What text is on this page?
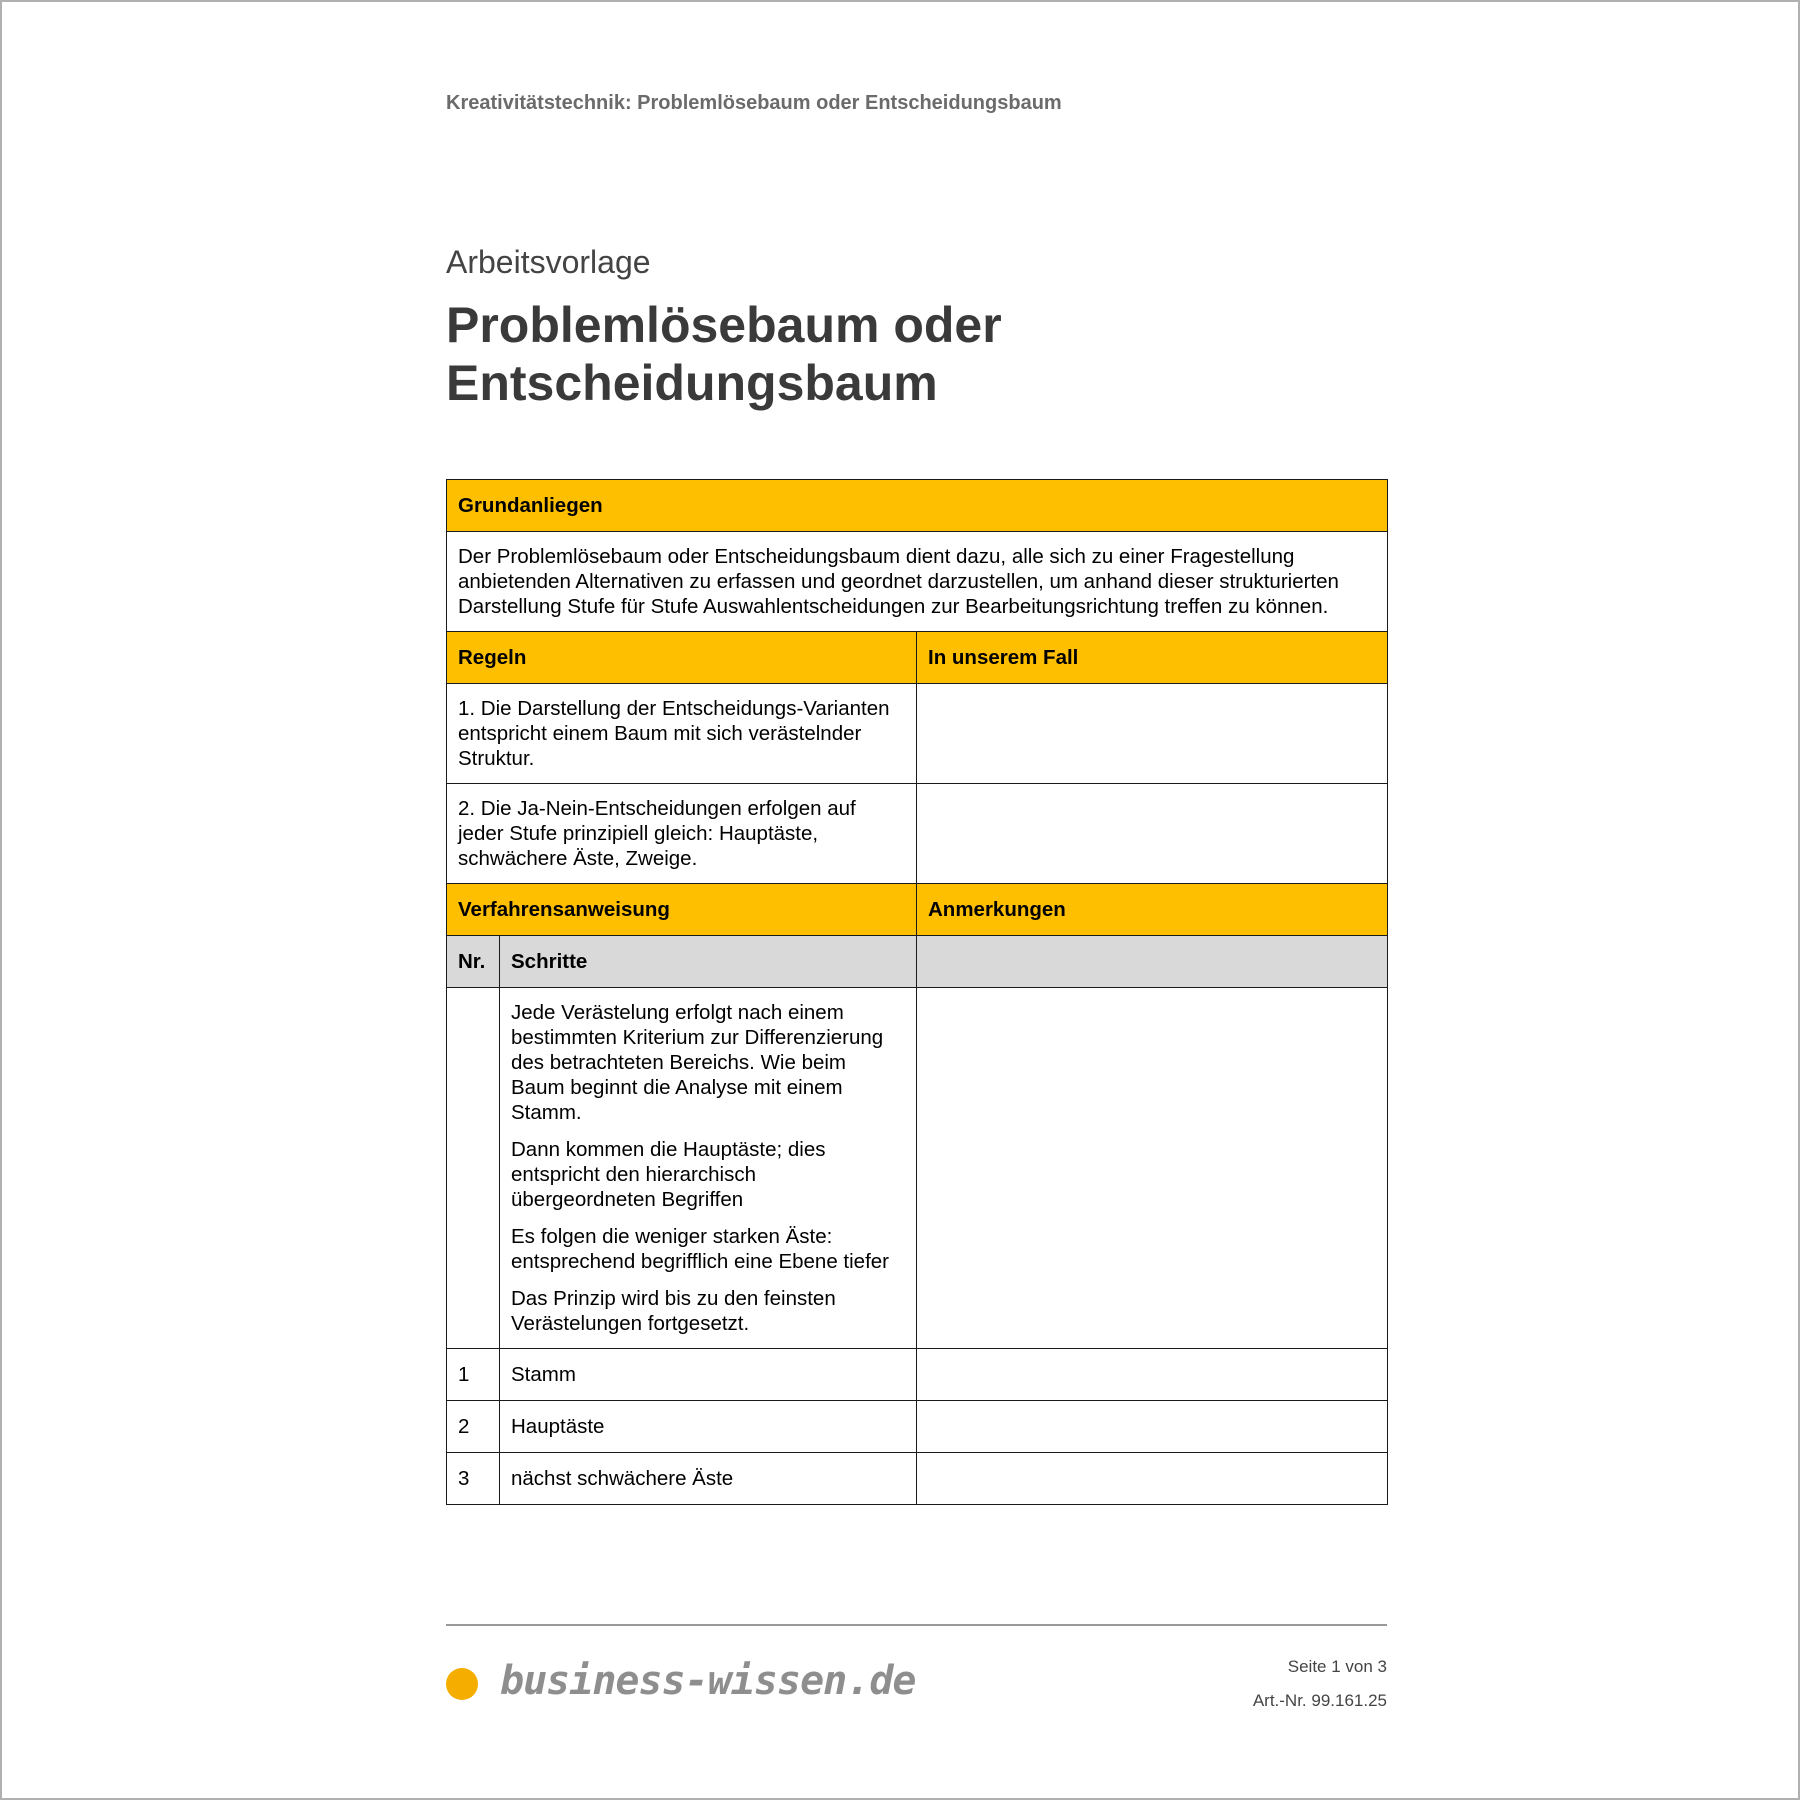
Kreativitätstechnik: Problemlösebaum oder Entscheidungsbaum
Arbeitsvorlage
Problemlösebaum oder
Entscheidungsbaum
Grundanliegen		
Der Problemlösebaum oder Entscheidungsbaum dient dazu, alle sich zu einer Fragestellung anbietenden Alternativen zu erfassen und geordnet darzustellen, um anhand dieser strukturierten Darstellung Stufe für Stufe Auswahlentscheidungen zur Bearbeitungsrichtung treffen zu können.		
Regeln		In unserem Fall
1. Die Darstellung der Entscheidungs-Varianten entspricht einem Baum mit sich verästelnder Struktur.		
2. Die Ja-Nein-Entscheidungen erfolgen auf jeder Stufe prinzipiell gleich: Hauptäste, schwächere Äste, Zweige.		
Verfahrensanweisung		Anmerkungen
Nr.	Schritte	

	Jede Verästelung erfolgt nach einem bestimmten Kriterium zur Differenzierung des betrachteten Bereichs. Wie beim Baum beginnt die Analyse mit einem Stamm.

Dann kommen die Hauptäste; dies entspricht den hierarchisch übergeordneten Begriffen

Es folgen die weniger starken Äste: entsprechend begrifflich eine Ebene tiefer

Das Prinzip wird bis zu den feinsten Verästelungen fortgesetzt.	

1	Stamm	
2	Hauptäste	
3	nächst schwächere Äste	
business-wissen.de	Seite 1 von 3
Art.-Nr. 99.161.25
